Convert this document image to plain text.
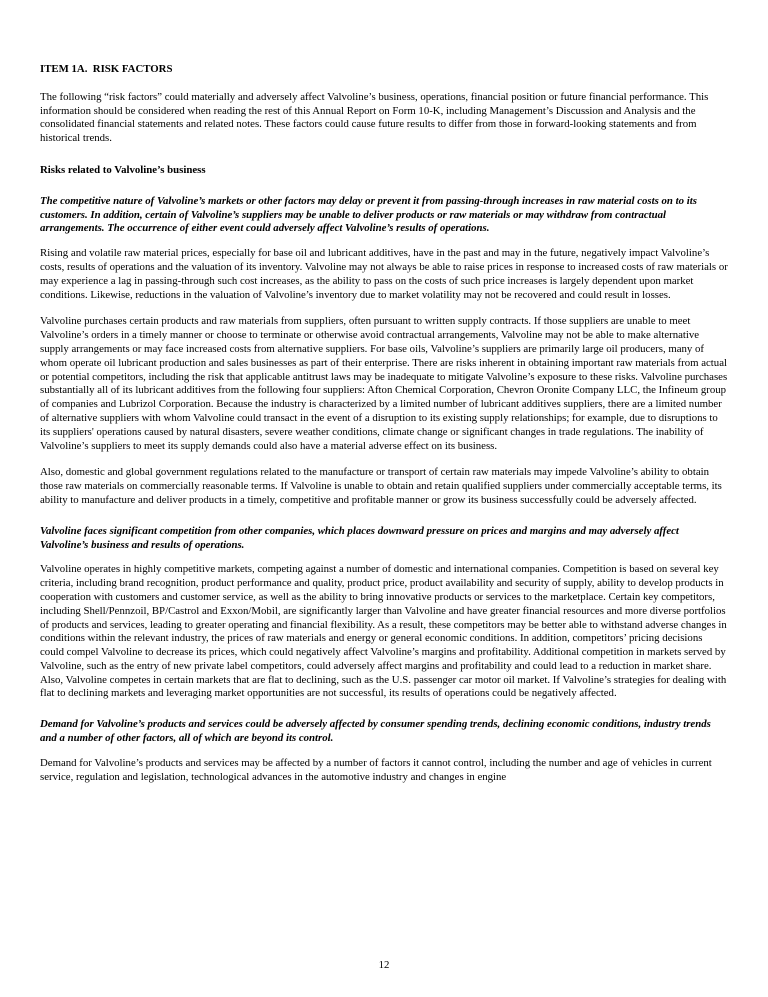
ITEM 1A.  RISK FACTORS

The following “risk factors” could materially and adversely affect Valvoline’s business, operations, financial position or future financial performance. This information should be considered when reading the rest of this Annual Report on Form 10-K, including Management’s Discussion and Analysis and the consolidated financial statements and related notes. These factors could cause future results to differ from those in forward-looking statements and from historical trends.

Risks related to Valvoline’s business

The competitive nature of Valvoline’s markets or other factors may delay or prevent it from passing-through increases in raw material costs on to its customers. In addition, certain of Valvoline’s suppliers may be unable to deliver products or raw materials or may withdraw from contractual arrangements. The occurrence of either event could adversely affect Valvoline’s results of operations.

Rising and volatile raw material prices, especially for base oil and lubricant additives, have in the past and may in the future, negatively impact Valvoline’s costs, results of operations and the valuation of its inventory. Valvoline may not always be able to raise prices in response to increased costs of raw materials or may experience a lag in passing-through such cost increases, as the ability to pass on the costs of such price increases is largely dependent upon market conditions. Likewise, reductions in the valuation of Valvoline’s inventory due to market volatility may not be recovered and could result in losses.

Valvoline purchases certain products and raw materials from suppliers, often pursuant to written supply contracts. If those suppliers are unable to meet Valvoline’s orders in a timely manner or choose to terminate or otherwise avoid contractual arrangements, Valvoline may not be able to make alternative supply arrangements or may face increased costs from alternative suppliers. For base oils, Valvoline’s suppliers are primarily large oil producers, many of whom operate oil lubricant production and sales businesses as part of their enterprise. There are risks inherent in obtaining important raw materials from actual or potential competitors, including the risk that applicable antitrust laws may be inadequate to mitigate Valvoline’s exposure to these risks. Valvoline purchases substantially all of its lubricant additives from the following four suppliers: Afton Chemical Corporation, Chevron Oronite Company LLC, the Infineum group of companies and Lubrizol Corporation. Because the industry is characterized by a limited number of lubricant additives suppliers, there are a limited number of alternative suppliers with whom Valvoline could transact in the event of a disruption to its existing supply relationships; for example, due to disruptions to its suppliers' operations caused by natural disasters, severe weather conditions, climate change or significant changes in trade regulations. The inability of Valvoline’s suppliers to meet its supply demands could also have a material adverse effect on its business.

Also, domestic and global government regulations related to the manufacture or transport of certain raw materials may impede Valvoline’s ability to obtain those raw materials on commercially reasonable terms. If Valvoline is unable to obtain and retain qualified suppliers under commercially acceptable terms, its ability to manufacture and deliver products in a timely, competitive and profitable manner or grow its business successfully could be adversely affected.

Valvoline faces significant competition from other companies, which places downward pressure on prices and margins and may adversely affect Valvoline’s business and results of operations.

Valvoline operates in highly competitive markets, competing against a number of domestic and international companies. Competition is based on several key criteria, including brand recognition, product performance and quality, product price, product availability and security of supply, ability to develop products in cooperation with customers and customer service, as well as the ability to bring innovative products or services to the marketplace. Certain key competitors, including Shell/Pennzoil, BP/Castrol and Exxon/Mobil, are significantly larger than Valvoline and have greater financial resources and more diverse portfolios of products and services, leading to greater operating and financial flexibility. As a result, these competitors may be better able to withstand adverse changes in conditions within the relevant industry, the prices of raw materials and energy or general economic conditions. In addition, competitors’ pricing decisions could compel Valvoline to decrease its prices, which could negatively affect Valvoline’s margins and profitability. Additional competition in markets served by Valvoline, such as the entry of new private label competitors, could adversely affect margins and profitability and could lead to a reduction in market share. Also, Valvoline competes in certain markets that are flat to declining, such as the U.S. passenger car motor oil market. If Valvoline’s strategies for dealing with flat to declining markets and leveraging market opportunities are not successful, its results of operations could be negatively affected.

Demand for Valvoline’s products and services could be adversely affected by consumer spending trends, declining economic conditions, industry trends and a number of other factors, all of which are beyond its control.

Demand for Valvoline’s products and services may be affected by a number of factors it cannot control, including the number and age of vehicles in current service, regulation and legislation, technological advances in the automotive industry and changes in engine

12
